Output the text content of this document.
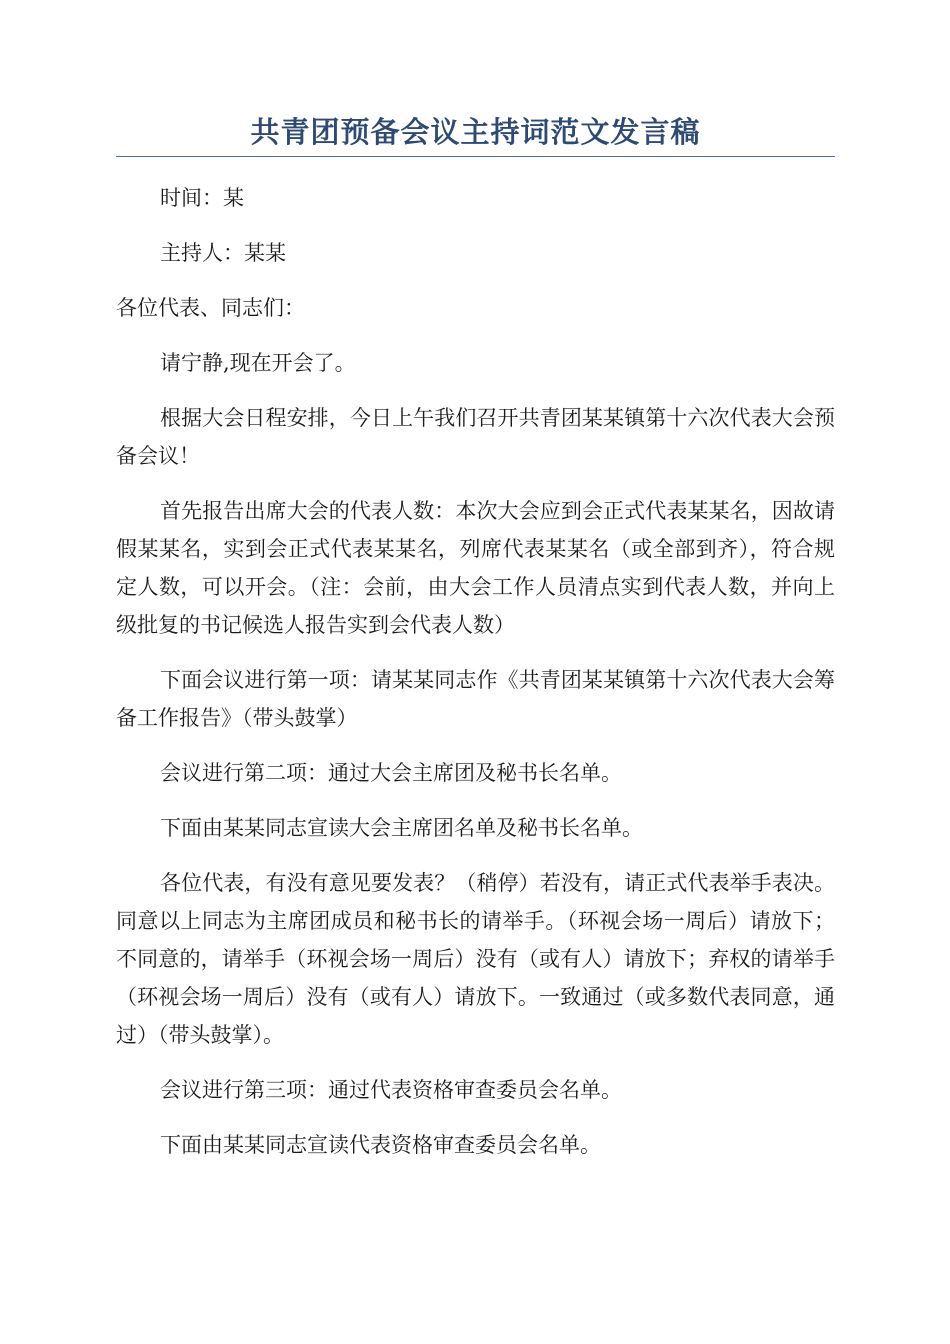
共青团预备会议主持词范文发言稿

时间：某

主持人：某某

各位代表、同志们：

请宁静,现在开会了。

根据大会日程安排，今日上午我们召开共青团某某镇第十六次代表大会预备会议！

首先报告出席大会的代表人数：本次大会应到会正式代表某某名，因故请假某某名，实到会正式代表某某名，列席代表某某名（或全部到齐），符合规定人数，可以开会。（注：会前，由大会工作人员清点实到代表人数，并向上级批复的书记候选人报告实到会代表人数）

下面会议进行第一项：请某某同志作《共青团某某镇第十六次代表大会筹备工作报告》（带头鼓掌）

会议进行第二项：通过大会主席团及秘书长名单。

下面由某某同志宣读大会主席团名单及秘书长名单。

各位代表，有没有意见要发表？（稍停）若没有，请正式代表举手表决。同意以上同志为主席团成员和秘书长的请举手。（环视会场一周后）请放下；不同意的，请举手（环视会场一周后）没有（或有人）请放下；弃权的请举手（环视会场一周后）没有（或有人）请放下。一致通过（或多数代表同意，通过）（带头鼓掌）。

会议进行第三项：通过代表资格审查委员会名单。

下面由某某同志宣读代表资格审查委员会名单。
